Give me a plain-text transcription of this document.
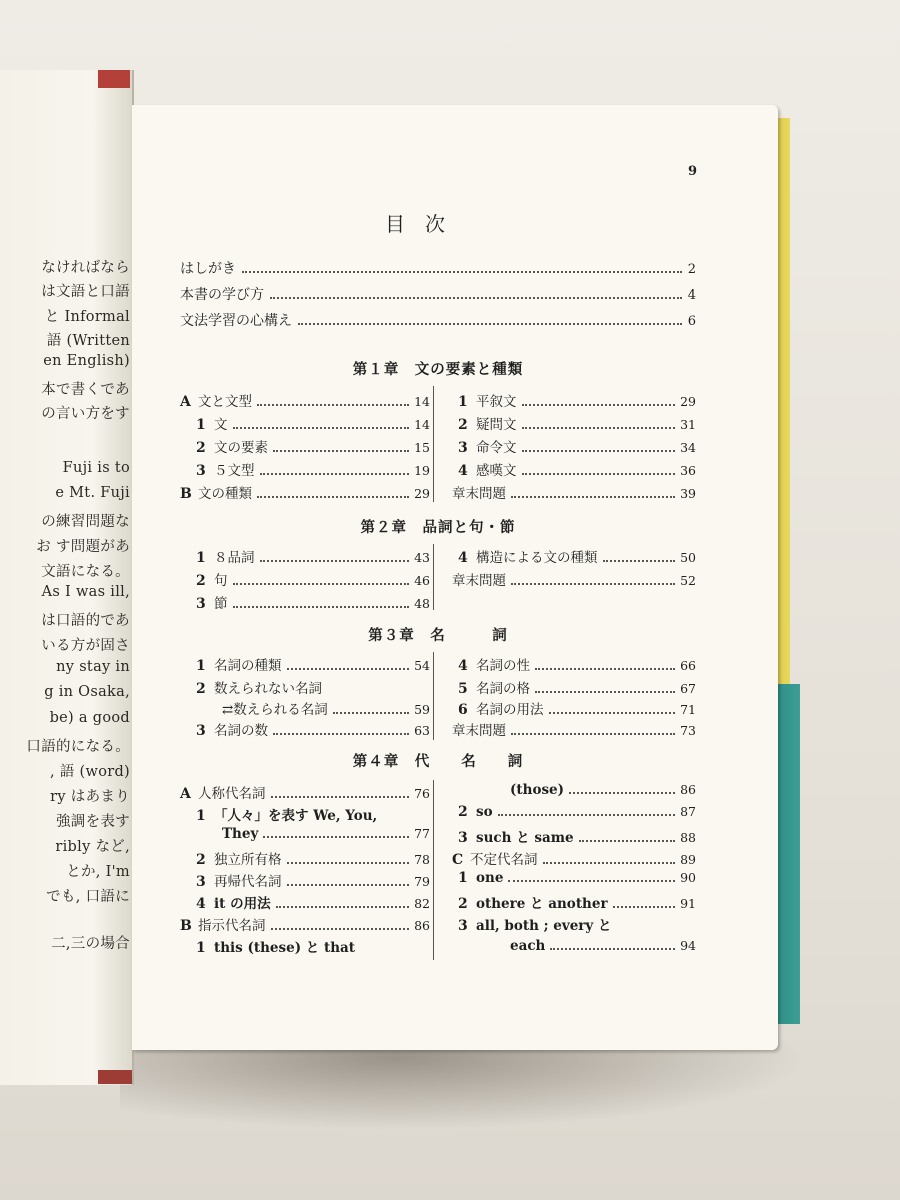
なければなら
は文語と口語
と Informal
語 (Written
en English)
本で書くであ
の言い方をす
Fuji is to
e Mt. Fuji
の練習問題な
お す問題があ
文語になる。
As I was ill,
は口語的であ
いる方が固さ
ny stay in
g in Osaka,
be) a good
口語的になる。
, 語 (word)
ry はあまり
強調を表す
ribly など,
とか, I'm
でも, 口語に
二,三の場合
9
目　次
はしがき	2
本書の学び方	4
文法学習の心構え	6
第１章　文の要素と種類
A 文と文型	14
1 文	14
2 文の要素	15
3 ５文型	19
B 文の種類	29
1 平叙文	29
2 疑問文	31
3 命令文	34
4 感嘆文	36
章末問題	39
第２章　品詞と句・節
1 ８品詞	43
2 句	46
3 節	48
4 構造による文の種類	50
章末問題	52
第３章　名　　　詞
1 名詞の種類	54
2 数えられない名詞
⇄数えられる名詞	59
3 名詞の数	63
4 名詞の性	66
5 名詞の格	67
6 名詞の用法	71
章末問題	73
第４章　代　　名　　詞
A 人称代名詞	76
1 「人々」を表す We, You,
They	77
2 独立所有格	78
3 再帰代名詞	79
4 it の用法	82
B 指示代名詞	86
1 this (these) と that
(those)	86
2 so	87
3 such と same	88
C 不定代名詞	89
1 one	90
2 othere と another	91
3 all, both ; every と
each	94
